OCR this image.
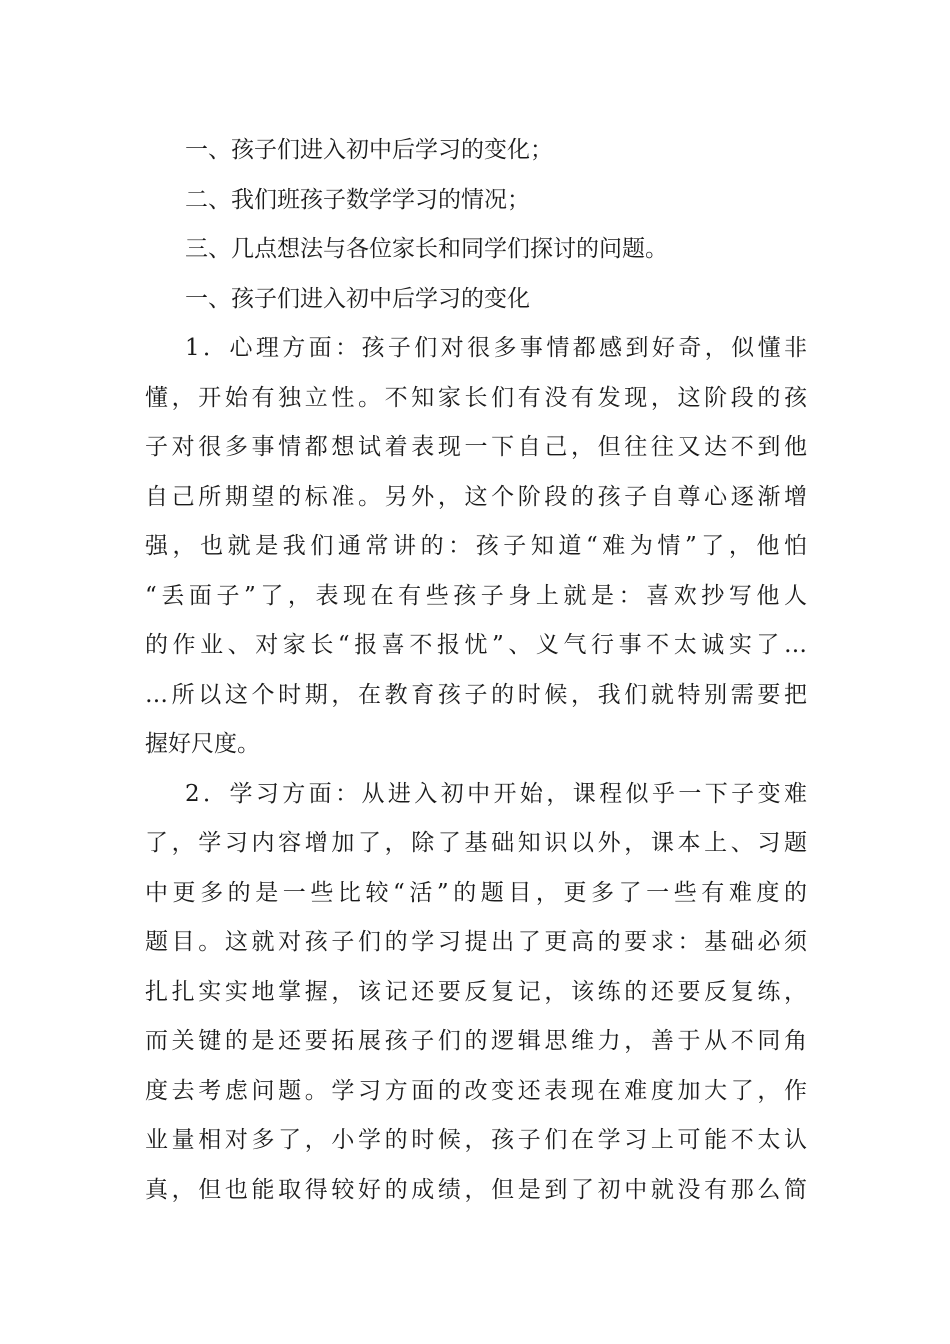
一、孩子们进入初中后学习的变化；
二、我们班孩子数学学习的情况；
三、几点想法与各位家长和同学们探讨的问题。
一、孩子们进入初中后学习的变化
1．心理方面：孩子们对很多事情都感到好奇，似懂非
懂，开始有独立性。不知家长们有没有发现，这阶段的孩
子对很多事情都想试着表现一下自己，但往往又达不到他
自己所期望的标准。另外，这个阶段的孩子自尊心逐渐增
强，也就是我们通常讲的：孩子知道“难为情”了，他怕
“丢面子”了，表现在有些孩子身上就是：喜欢抄写他人
的作业、对家长“报喜不报忧”、义气行事不太诚实了…
…所以这个时期，在教育孩子的时候，我们就特别需要把
握好尺度。
2．学习方面：从进入初中开始，课程似乎一下子变难
了，学习内容增加了，除了基础知识以外，课本上、习题
中更多的是一些比较“活”的题目，更多了一些有难度的
题目。这就对孩子们的学习提出了更高的要求：基础必须
扎扎实实地掌握，该记还要反复记，该练的还要反复练，
而关键的是还要拓展孩子们的逻辑思维力，善于从不同角
度去考虑问题。学习方面的改变还表现在难度加大了，作
业量相对多了，小学的时候，孩子们在学习上可能不太认
真，但也能取得较好的成绩，但是到了初中就没有那么简
